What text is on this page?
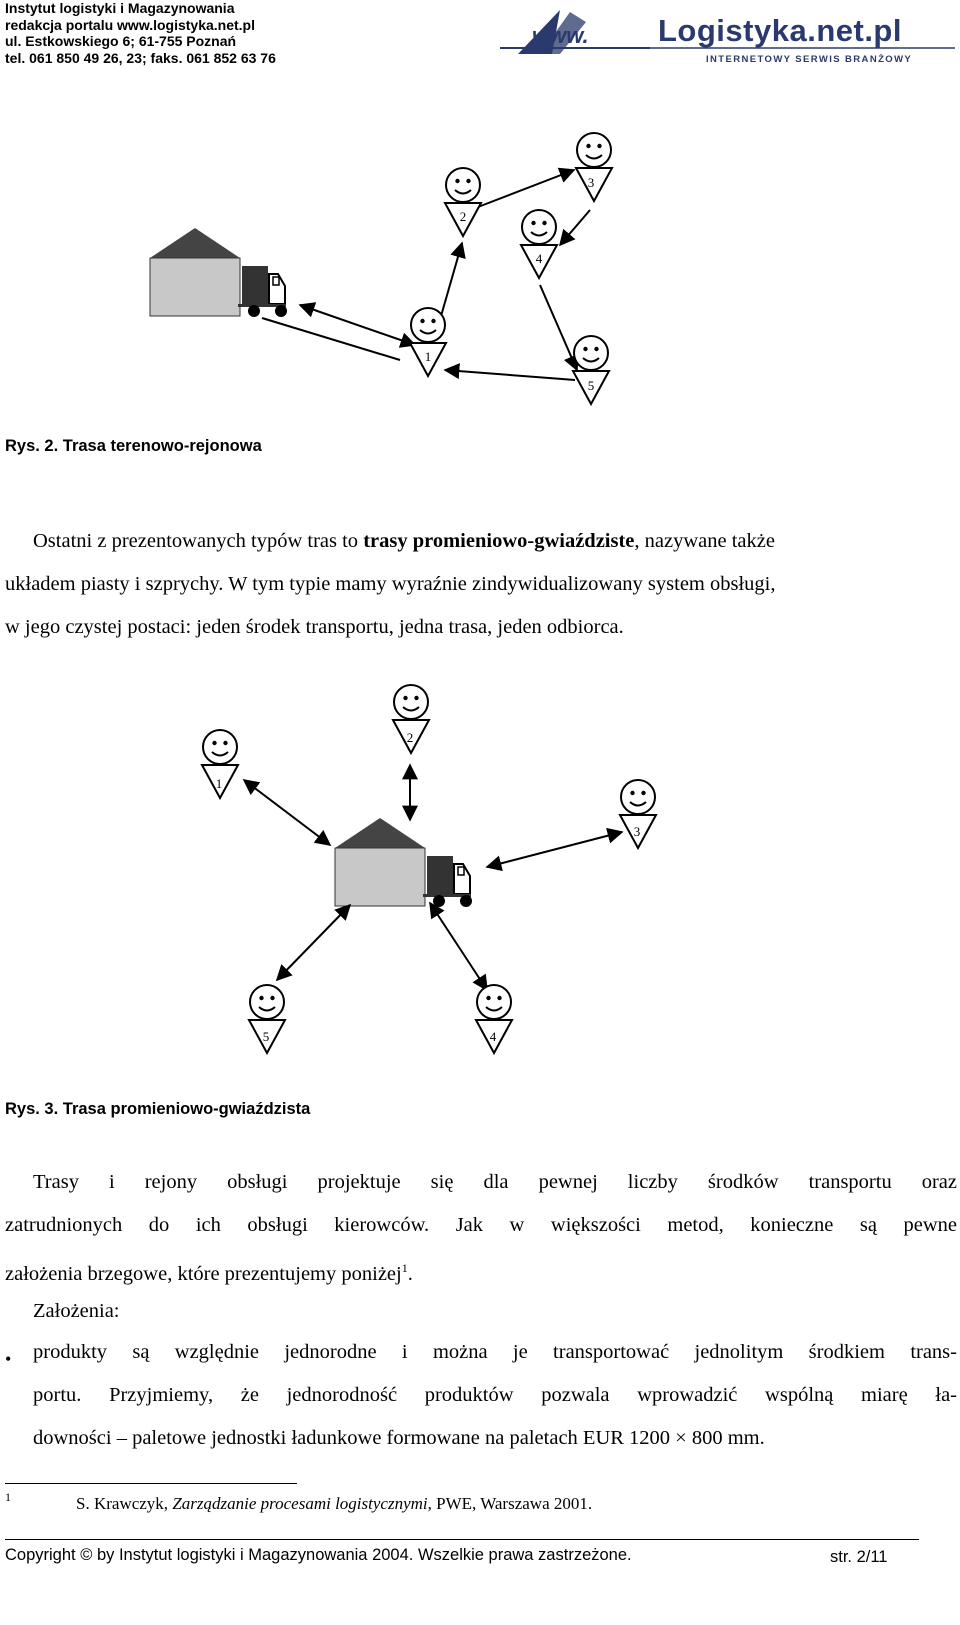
Instytut logistyki i Magazynowania
redakcja portalu www.logistyka.net.pl
ul. Estkowskiego 6; 61-755 Poznań
tel. 061 850 49 26, 23; faks. 061 852 63 76
www. Logistyka.net.pl
INTERNETOWY SERWIS BRANŻOWY
1
2
3
4
5
Rys. 2. Trasa terenowo-rejonowa
Ostatni z prezentowanych typów tras to trasy promieniowo-gwiaździste, nazywane także
układem piasty i szprychy. W tym typie mamy wyraźnie zindywidualizowany system obsługi,
w jego czystej postaci: jeden środek transportu, jedna trasa, jeden odbiorca.
1
2
3
4
5
Rys. 3. Trasa promieniowo-gwiaździsta
Trasy i rejony obsługi projektuje się dla pewnej liczby środków transportu oraz
zatrudnionych do ich obsługi kierowców. Jak w większości metod, konieczne są pewne
założenia brzegowe, które prezentujemy poniżej$^1$.
Założenia:
• produkty są względnie jednorodne i można je transportować jednolitym środkiem trans-
portu. Przyjmiemy, że jednorodność produktów pozwala wprowadzić wspólną miarę ła-
downości – paletowe jednostki ładunkowe formowane na paletach EUR 1200 × 800 mm.
1	S. Krawczyk, Zarządzanie procesami logistycznymi, PWE, Warszawa 2001.
Copyright © by Instytut logistyki i Magazynowania 2004. Wszelkie prawa zastrzeżone.	str. 2/11
